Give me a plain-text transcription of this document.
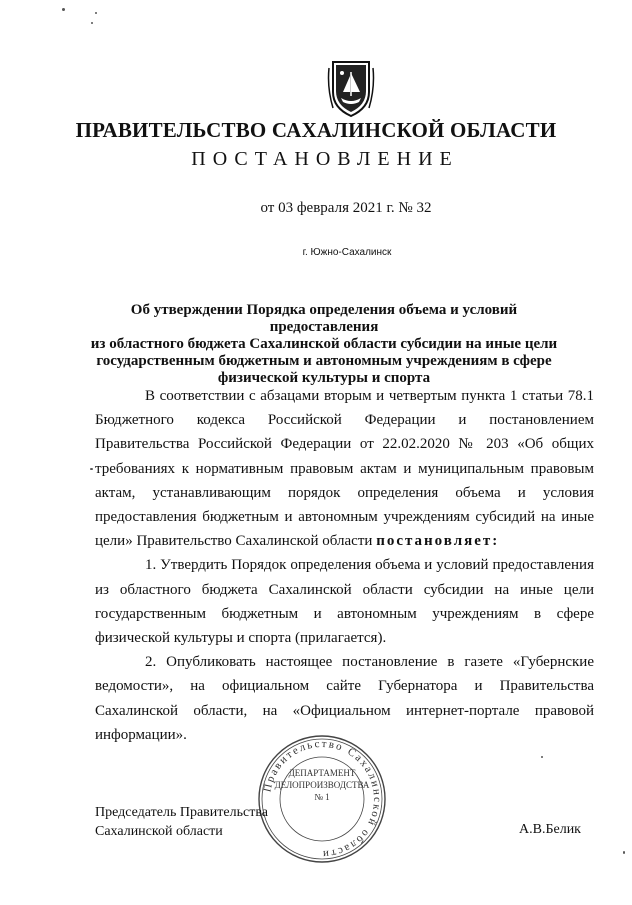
ПРАВИТЕЛЬСТВО САХАЛИНСКОЙ ОБЛАСТИ
ПОСТАНОВЛЕНИЕ
от 03 февраля 2021 г. № 32
г. Южно-Сахалинск
Об утверждении Порядка определения объема и условий предоставления
из областного бюджета Сахалинской области субсидии на иные цели
государственным бюджетным и автономным учреждениям в сфере
физической культуры и спорта

В соответствии с абзацами вторым и четвертым пункта 1 статьи 78.1 Бюджетного кодекса Российской Федерации и постановлением Правительства Российской Федерации от 22.02.2020 № 203 «Об общих требованиях к нормативным правовым актам и муниципальным правовым актам, устанавливающим порядок определения объема и условия предоставления бюджетным и автономным учреждениям субсидий на иные цели» Правительство Сахалинской области постановляет:

1. Утвердить Порядок определения объема и условий предоставления из областного бюджета Сахалинской области субсидии на иные цели государственным бюджетным и автономным учреждениям в сфере физической культуры и спорта (прилагается).

2. Опубликовать настоящее постановление в газете «Губернские ведомости», на официальном сайте Губернатора и Правительства Сахалинской области, на «Официальном интернет-портале правовой информации».

Правительство Сахалинской области
ДЕПАРТАМЕНТ
ДЕЛОПРОИЗВОДСТВА
№ 1
Председатель Правительства
Сахалинской области	А.В.Белик
